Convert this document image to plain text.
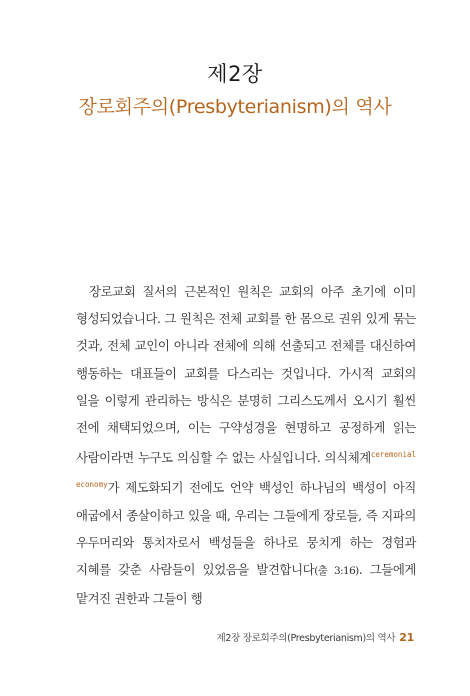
제2장
장로회주의(Presbyterianism)의 역사
장로교회 질서의 근본적인 원칙은 교회의 아주 초기에 이미 형성되었습니다. 그 원칙은 전체 교회를 한 몸으로 권위 있게 묶는 것과, 전체 교인이 아니라 전체에 의해 선출되고 전체를 대신하여 행동하는 대표들이 교회를 다스리는 것입니다. 가시적 교회의 일을 이렇게 관리하는 방식은 분명히 그리스도께서 오시기 훨씬 전에 채택되었으며, 이는 구약성경을 현명하고 공정하게 읽는 사람이라면 누구도 의심할 수 없는 사실입니다. 의식체계$^{ceremonial economy}$가 제도화되기 전에도 언약 백성인 하나님의 백성이 아직 애굽에서 종살이하고 있을 때, 우리는 그들에게 장로들, 즉 지파의 우두머리와 통치자로서 백성들을 하나로 뭉치게 하는 경험과 지혜를 갖춘 사람들이 있었음을 발견합니다(출 3:16). 그들에게 맡겨진 권한과 그들이 행
제2장 장로회주의(Presbyterianism)의 역사 21
